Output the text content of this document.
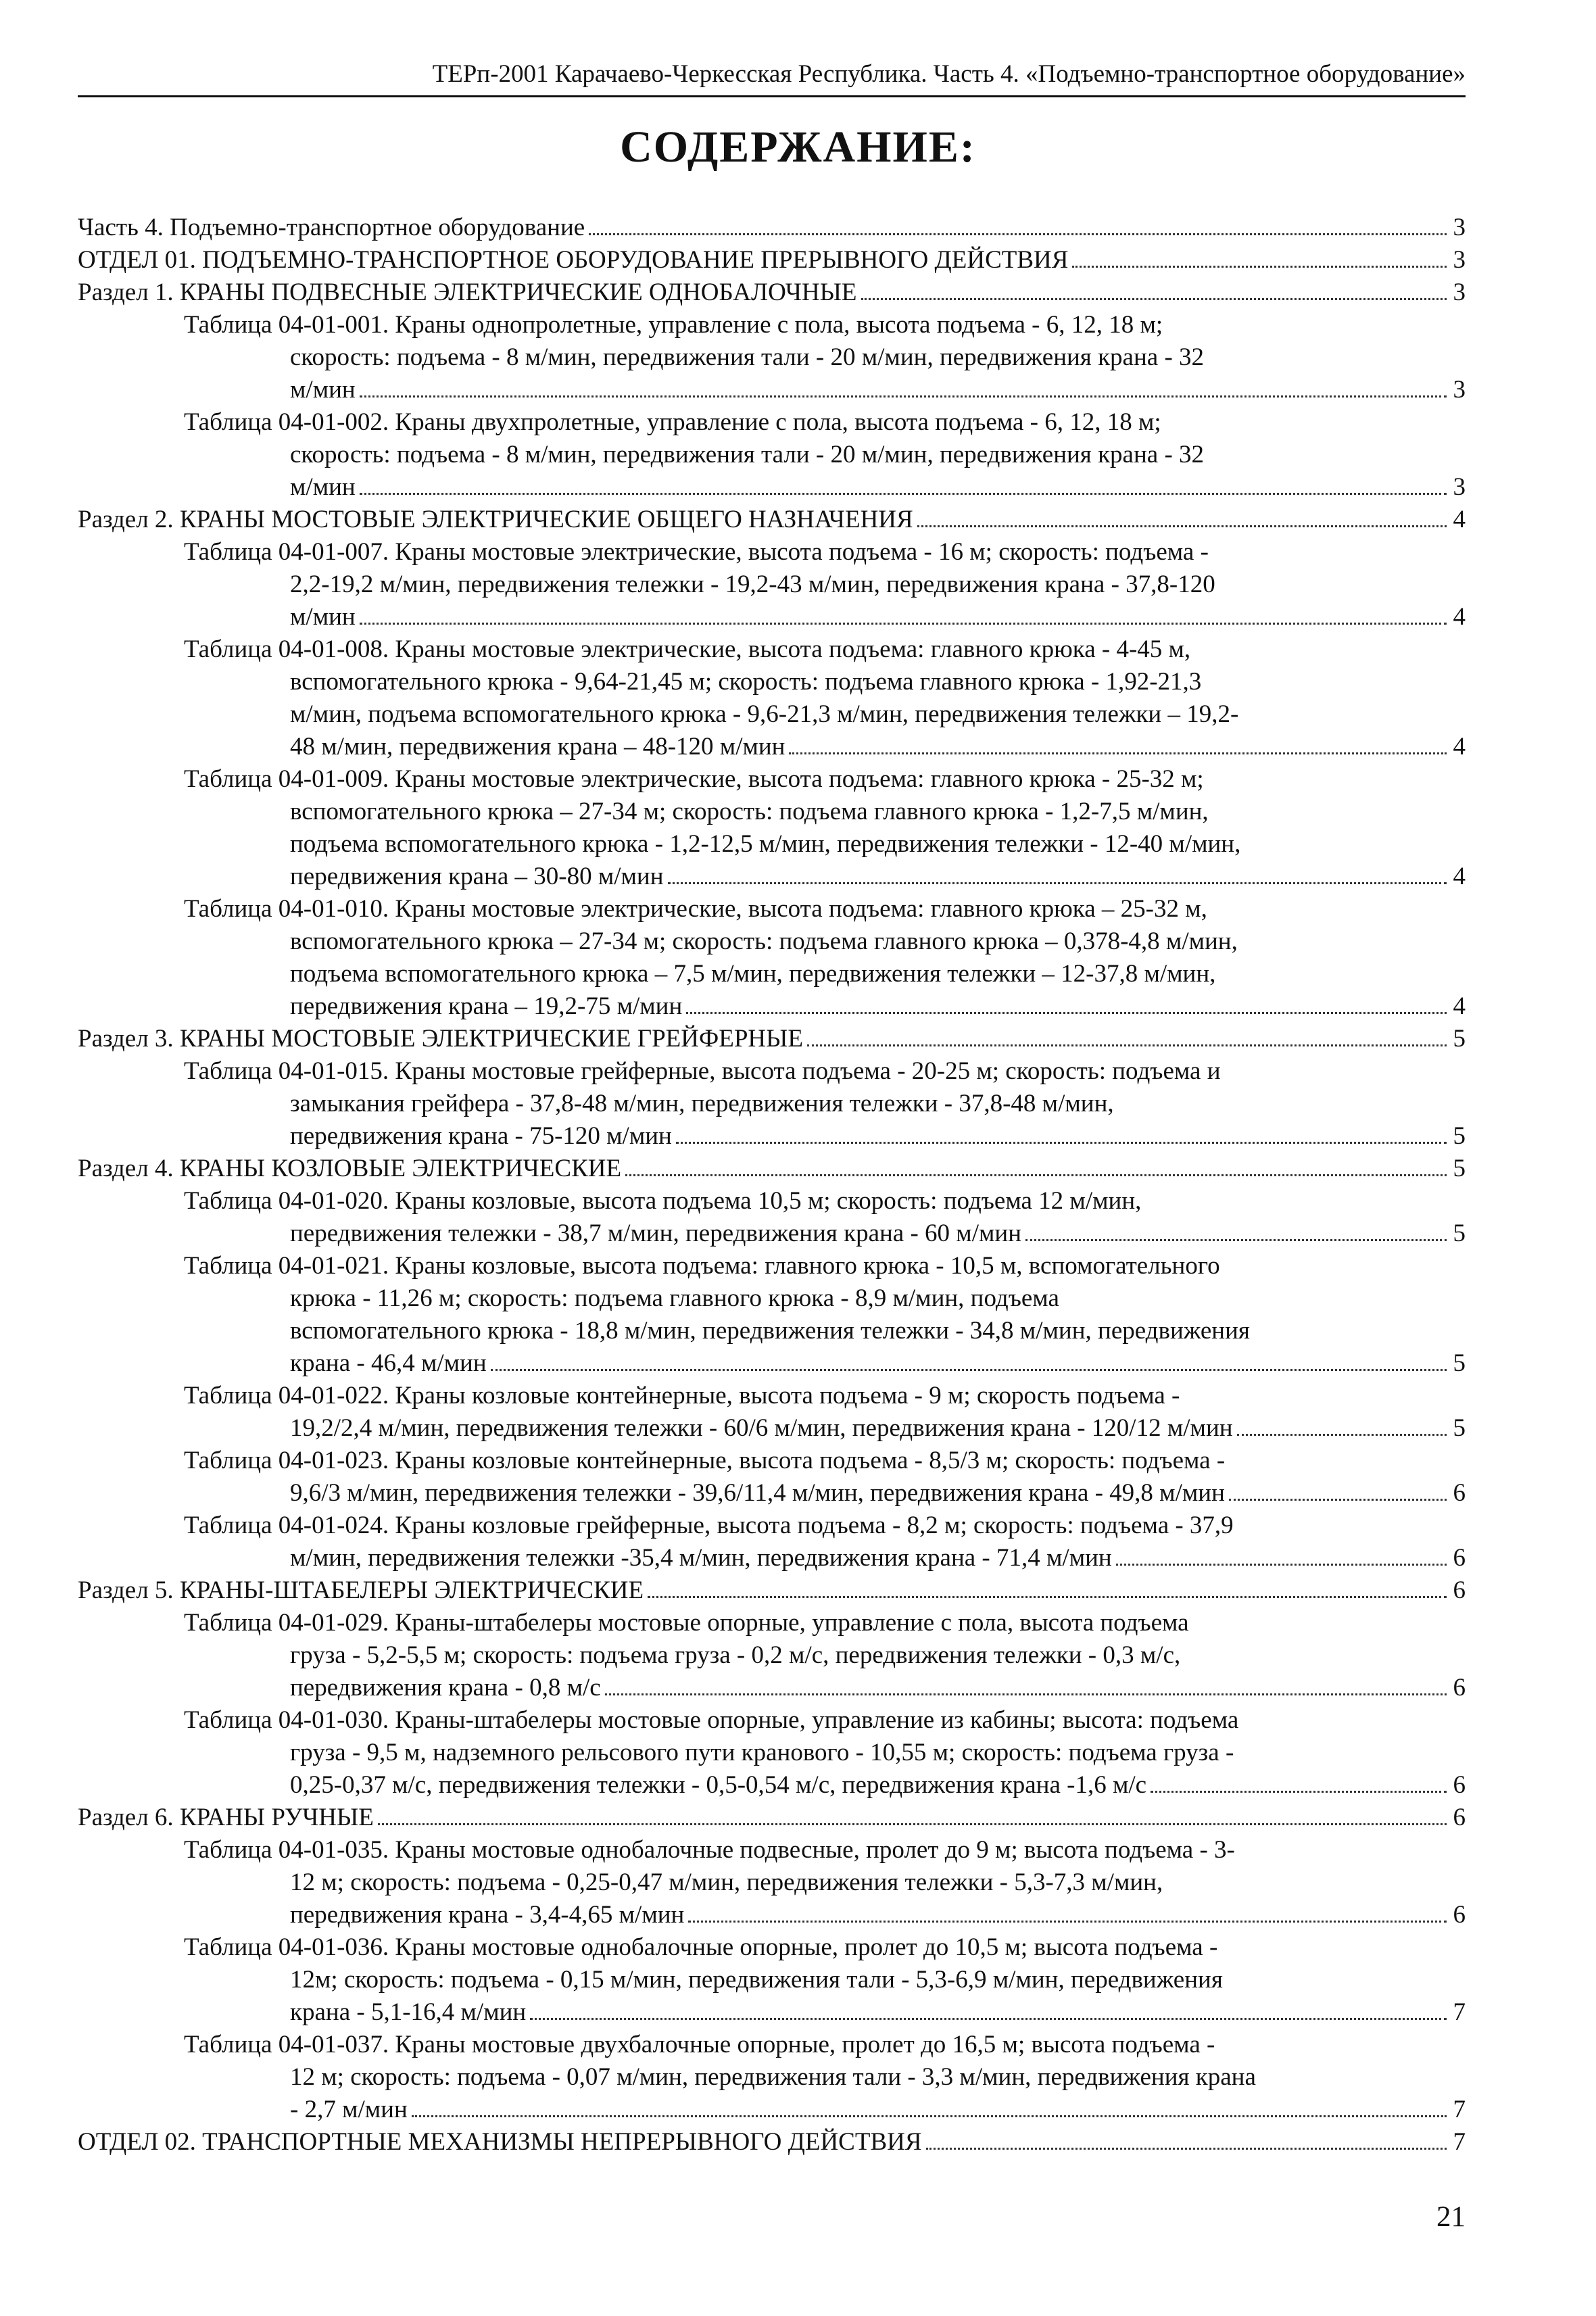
ТЕРп-2001 Карачаево-Черкесская Республика. Часть 4. «Подъемно-транспортное оборудование»
СОДЕРЖАНИЕ:
Часть 4. Подъемно-транспортное оборудование	3
ОТДЕЛ 01. ПОДЪЕМНО-ТРАНСПОРТНОЕ ОБОРУДОВАНИЕ ПРЕРЫВНОГО ДЕЙСТВИЯ	3
Раздел 1. КРАНЫ ПОДВЕСНЫЕ ЭЛЕКТРИЧЕСКИЕ ОДНОБАЛОЧНЫЕ	3
Таблица 04-01-001. Краны однопролетные, управление с пола, высота подъема - 6, 12, 18 м;
скорость: подъема - 8 м/мин, передвижения тали - 20 м/мин, передвижения крана - 32
м/мин	3
Таблица 04-01-002. Краны двухпролетные, управление с пола, высота подъема - 6, 12, 18 м;
скорость: подъема - 8 м/мин, передвижения тали - 20 м/мин, передвижения крана - 32
м/мин	3
Раздел 2. КРАНЫ МОСТОВЫЕ ЭЛЕКТРИЧЕСКИЕ ОБЩЕГО НАЗНАЧЕНИЯ	4
Таблица 04-01-007. Краны мостовые электрические, высота подъема - 16 м; скорость: подъема -
2,2-19,2 м/мин, передвижения тележки - 19,2-43 м/мин, передвижения крана - 37,8-120
м/мин	4
Таблица 04-01-008. Краны мостовые электрические, высота подъема: главного крюка - 4-45 м,
вспомогательного крюка - 9,64-21,45 м; скорость: подъема главного крюка - 1,92-21,3
м/мин, подъема вспомогательного крюка - 9,6-21,3 м/мин, передвижения тележки – 19,2-
48 м/мин, передвижения крана – 48-120 м/мин	4
Таблица 04-01-009. Краны мостовые электрические, высота подъема: главного крюка - 25-32 м;
вспомогательного крюка – 27-34 м; скорость: подъема главного крюка - 1,2-7,5 м/мин,
подъема вспомогательного крюка - 1,2-12,5 м/мин, передвижения тележки - 12-40 м/мин,
передвижения крана – 30-80 м/мин	4
Таблица 04-01-010. Краны мостовые электрические, высота подъема: главного крюка – 25-32 м,
вспомогательного крюка – 27-34 м; скорость: подъема главного крюка – 0,378-4,8 м/мин,
подъема вспомогательного крюка – 7,5 м/мин, передвижения тележки – 12-37,8 м/мин,
передвижения крана – 19,2-75 м/мин	4
Раздел 3. КРАНЫ МОСТОВЫЕ ЭЛЕКТРИЧЕСКИЕ ГРЕЙФЕРНЫЕ	5
Таблица 04-01-015. Краны мостовые грейферные, высота подъема - 20-25 м; скорость: подъема и
замыкания грейфера - 37,8-48 м/мин, передвижения тележки - 37,8-48 м/мин,
передвижения крана - 75-120 м/мин	5
Раздел 4. КРАНЫ КОЗЛОВЫЕ ЭЛЕКТРИЧЕСКИЕ	5
Таблица 04-01-020. Краны козловые, высота подъема 10,5 м; скорость: подъема 12 м/мин,
передвижения тележки - 38,7 м/мин, передвижения крана - 60 м/мин	5
Таблица 04-01-021. Краны козловые, высота подъема: главного крюка - 10,5 м, вспомогательного
крюка - 11,26 м; скорость: подъема главного крюка - 8,9 м/мин, подъема
вспомогательного крюка - 18,8 м/мин, передвижения тележки - 34,8 м/мин, передвижения
крана - 46,4 м/мин	5
Таблица 04-01-022. Краны козловые контейнерные, высота подъема - 9 м; скорость подъема -
19,2/2,4 м/мин, передвижения тележки - 60/6 м/мин, передвижения крана - 120/12 м/мин	5
Таблица 04-01-023. Краны козловые контейнерные, высота подъема - 8,5/3 м; скорость: подъема -
9,6/3 м/мин, передвижения тележки - 39,6/11,4 м/мин, передвижения крана - 49,8 м/мин	6
Таблица 04-01-024. Краны козловые грейферные, высота подъема - 8,2 м; скорость: подъема - 37,9
м/мин, передвижения тележки -35,4 м/мин, передвижения крана - 71,4 м/мин	6
Раздел 5. КРАНЫ-ШТАБЕЛЕРЫ ЭЛЕКТРИЧЕСКИЕ	6
Таблица 04-01-029. Краны-штабелеры мостовые опорные, управление с пола, высота подъема
груза - 5,2-5,5 м; скорость: подъема груза - 0,2 м/с, передвижения тележки - 0,3 м/с,
передвижения крана - 0,8 м/с	6
Таблица 04-01-030. Краны-штабелеры мостовые опорные, управление из кабины; высота: подъема
груза - 9,5 м, надземного рельсового пути кранового - 10,55 м; скорость: подъема груза -
0,25-0,37 м/с, передвижения тележки - 0,5-0,54 м/с, передвижения крана -1,6 м/с	6
Раздел 6. КРАНЫ РУЧНЫЕ	6
Таблица 04-01-035. Краны мостовые однобалочные подвесные, пролет до 9 м; высота подъема - 3-
12 м; скорость: подъема - 0,25-0,47 м/мин, передвижения тележки - 5,3-7,3 м/мин,
передвижения крана - 3,4-4,65 м/мин	6
Таблица 04-01-036. Краны мостовые однобалочные опорные, пролет до 10,5 м; высота подъема -
12м; скорость: подъема - 0,15 м/мин, передвижения тали - 5,3-6,9 м/мин, передвижения
крана - 5,1-16,4 м/мин	7
Таблица 04-01-037. Краны мостовые двухбалочные опорные, пролет до 16,5 м; высота подъема -
12 м; скорость: подъема - 0,07 м/мин, передвижения тали - 3,3 м/мин, передвижения крана
- 2,7 м/мин	7
ОТДЕЛ 02. ТРАНСПОРТНЫЕ МЕХАНИЗМЫ НЕПРЕРЫВНОГО ДЕЙСТВИЯ	7
21
